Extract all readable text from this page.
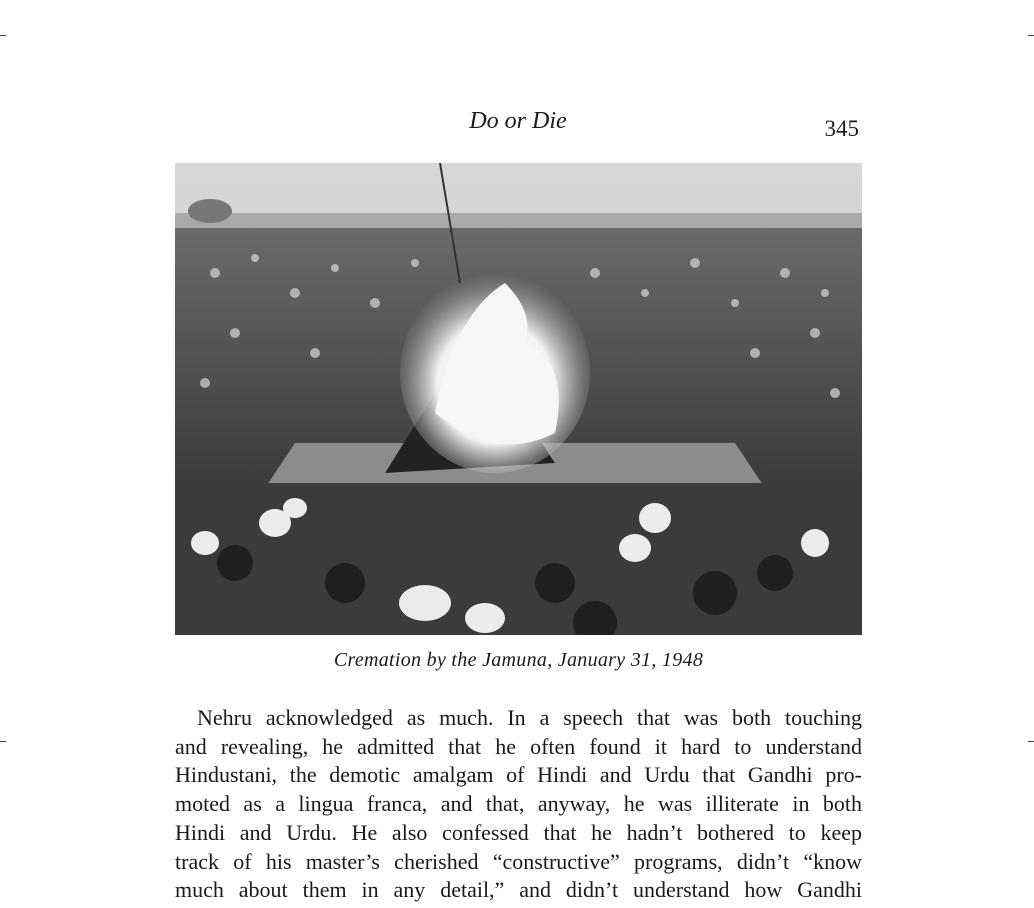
Do or Die	345
Cremation by the Jamuna, January 31, 1948
Nehru acknowledged as much. In a speech that was both touching
and revealing, he admitted that he often found it hard to understand
Hindustani, the demotic amalgam of Hindi and Urdu that Gandhi pro-
moted as a lingua franca, and that, anyway, he was illiterate in both
Hindi and Urdu. He also confessed that he hadn’t bothered to keep
track of his master’s cherished “constructive” programs, didn’t “know
much about them in any detail,” and didn’t understand how Gandhi
